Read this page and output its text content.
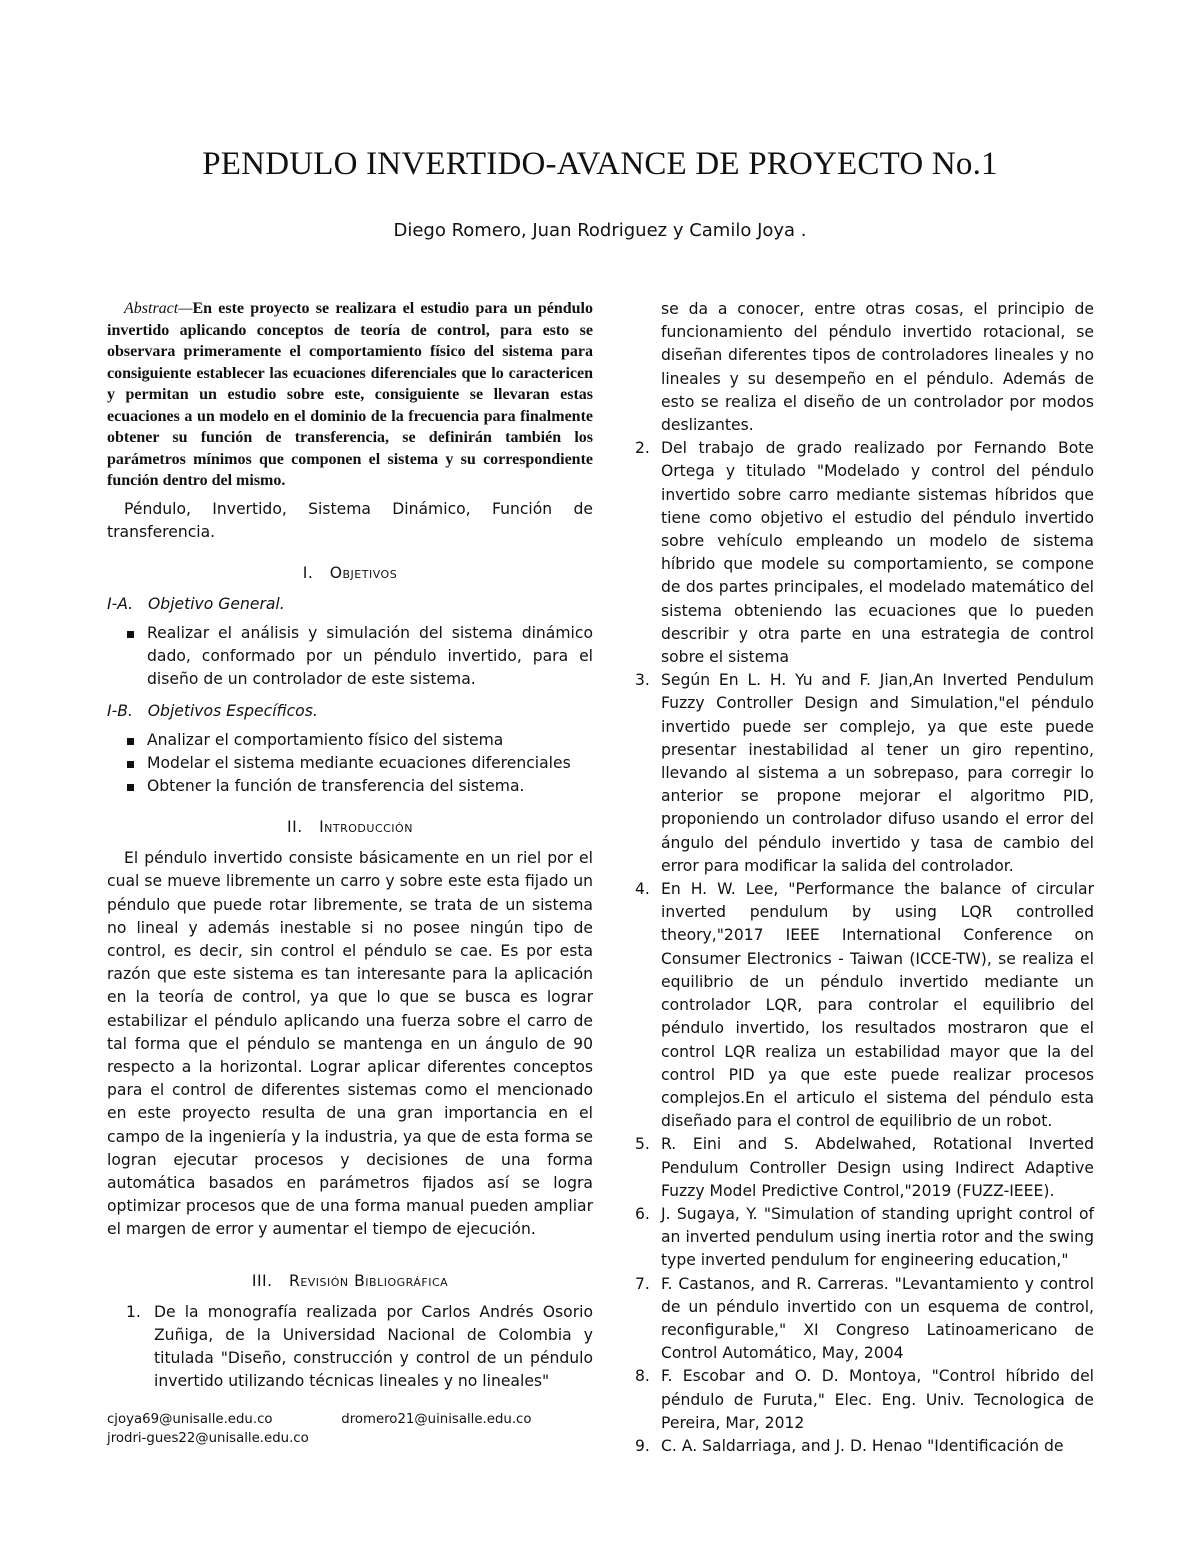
PENDULO INVERTIDO-AVANCE DE PROYECTO No.1
Diego Romero, Juan Rodriguez y Camilo Joya .

Abstract—En este proyecto se realizara el estudio para un péndulo invertido aplicando conceptos de teoría de control, para esto se observara primeramente el comportamiento físico del sistema para consiguiente establecer las ecuaciones diferenciales que lo caractericen y permitan un estudio sobre este, consiguiente se llevaran estas ecuaciones a un modelo en el dominio de la frecuencia para finalmente obtener su función de transferencia, se definirán también los parámetros mínimos que componen el sistema y su correspondiente función dentro del mismo.

Péndulo, Invertido, Sistema Dinámico, Función de transferencia.

I. Objetivos
I-A. Objetivo General.
Realizar el análisis y simulación del sistema dinámico dado, conformado por un péndulo invertido, para el diseño de un controlador de este sistema.
I-B. Objetivos Específicos.
Analizar el comportamiento físico del sistema
Modelar el sistema mediante ecuaciones diferenciales
Obtener la función de transferencia del sistema.
II. Introducción

El péndulo invertido consiste básicamente en un riel por el cual se mueve libremente un carro y sobre este esta fijado un péndulo que puede rotar libremente, se trata de un sistema no lineal y además inestable si no posee ningún tipo de control, es decir, sin control el péndulo se cae. Es por esta razón que este sistema es tan interesante para la aplicación en la teoría de control, ya que lo que se busca es lograr estabilizar el péndulo aplicando una fuerza sobre el carro de tal forma que el péndulo se mantenga en un ángulo de 90 respecto a la horizontal. Lograr aplicar diferentes conceptos para el control de diferentes sistemas como el mencionado en este proyecto resulta de una gran importancia en el campo de la ingeniería y la industria, ya que de esta forma se logran ejecutar procesos y decisiones de una forma automática basados en parámetros fijados así se logra optimizar procesos que de una forma manual pueden ampliar el margen de error y aumentar el tiempo de ejecución.

III. Revisión Bibliográfica
1. De la monografía realizada por Carlos Andrés Osorio Zuñiga, de la Universidad Nacional de Colombia y titulada "Diseño, construcción y control de un péndulo invertido utilizando técnicas lineales y no lineales"
se da a conocer, entre otras cosas, el principio de funcionamiento del péndulo invertido rotacional, se diseñan diferentes tipos de controladores lineales y no lineales y su desempeño en el péndulo. Además de esto se realiza el diseño de un controlador por modos deslizantes.
2. Del trabajo de grado realizado por Fernando Bote Ortega y titulado "Modelado y control del péndulo invertido sobre carro mediante sistemas híbridos que tiene como objetivo el estudio del péndulo invertido sobre vehículo empleando un modelo de sistema híbrido que modele su comportamiento, se compone de dos partes principales, el modelado matemático del sistema obteniendo las ecuaciones que lo pueden describir y otra parte en una estrategia de control sobre el sistema
3. Según En L. H. Yu and F. Jian,An Inverted Pendulum Fuzzy Controller Design and Simulation,"el péndulo invertido puede ser complejo, ya que este puede presentar inestabilidad al tener un giro repentino, llevando al sistema a un sobrepaso, para corregir lo anterior se propone mejorar el algoritmo PID, proponiendo un controlador difuso usando el error del ángulo del péndulo invertido y tasa de cambio del error para modificar la salida del controlador.
4. En H. W. Lee, "Performance the balance of circular inverted pendulum by using LQR controlled theory,"2017 IEEE International Conference on Consumer Electronics - Taiwan (ICCE-TW), se realiza el equilibrio de un péndulo invertido mediante un controlador LQR, para controlar el equilibrio del péndulo invertido, los resultados mostraron que el control LQR realiza un estabilidad mayor que la del control PID ya que este puede realizar procesos complejos.En el articulo el sistema del péndulo esta diseñado para el control de equilibrio de un robot.
5. R. Eini and S. Abdelwahed, Rotational Inverted Pendulum Controller Design using Indirect Adaptive Fuzzy Model Predictive Control,"2019 (FUZZ-IEEE).
6. J. Sugaya, Y. "Simulation of standing upright control of an inverted pendulum using inertia rotor and the swing type inverted pendulum for engineering education,"
7. F. Castanos, and R. Carreras. "Levantamiento y control de un péndulo invertido con un esquema de control, reconfigurable," XI Congreso Latinoamericano de Control Automático, May, 2004
8. F. Escobar and O. D. Montoya, "Control híbrido del péndulo de Furuta," Elec. Eng. Univ. Tecnologica de Pereira, Mar, 2012
9. C. A. Saldarriaga, and J. D. Henao "Identificación de
cjoya69@unisalle.edu.co	dromero21@uinisalle.edu.co            jrodri-gues22@unisalle.edu.co
